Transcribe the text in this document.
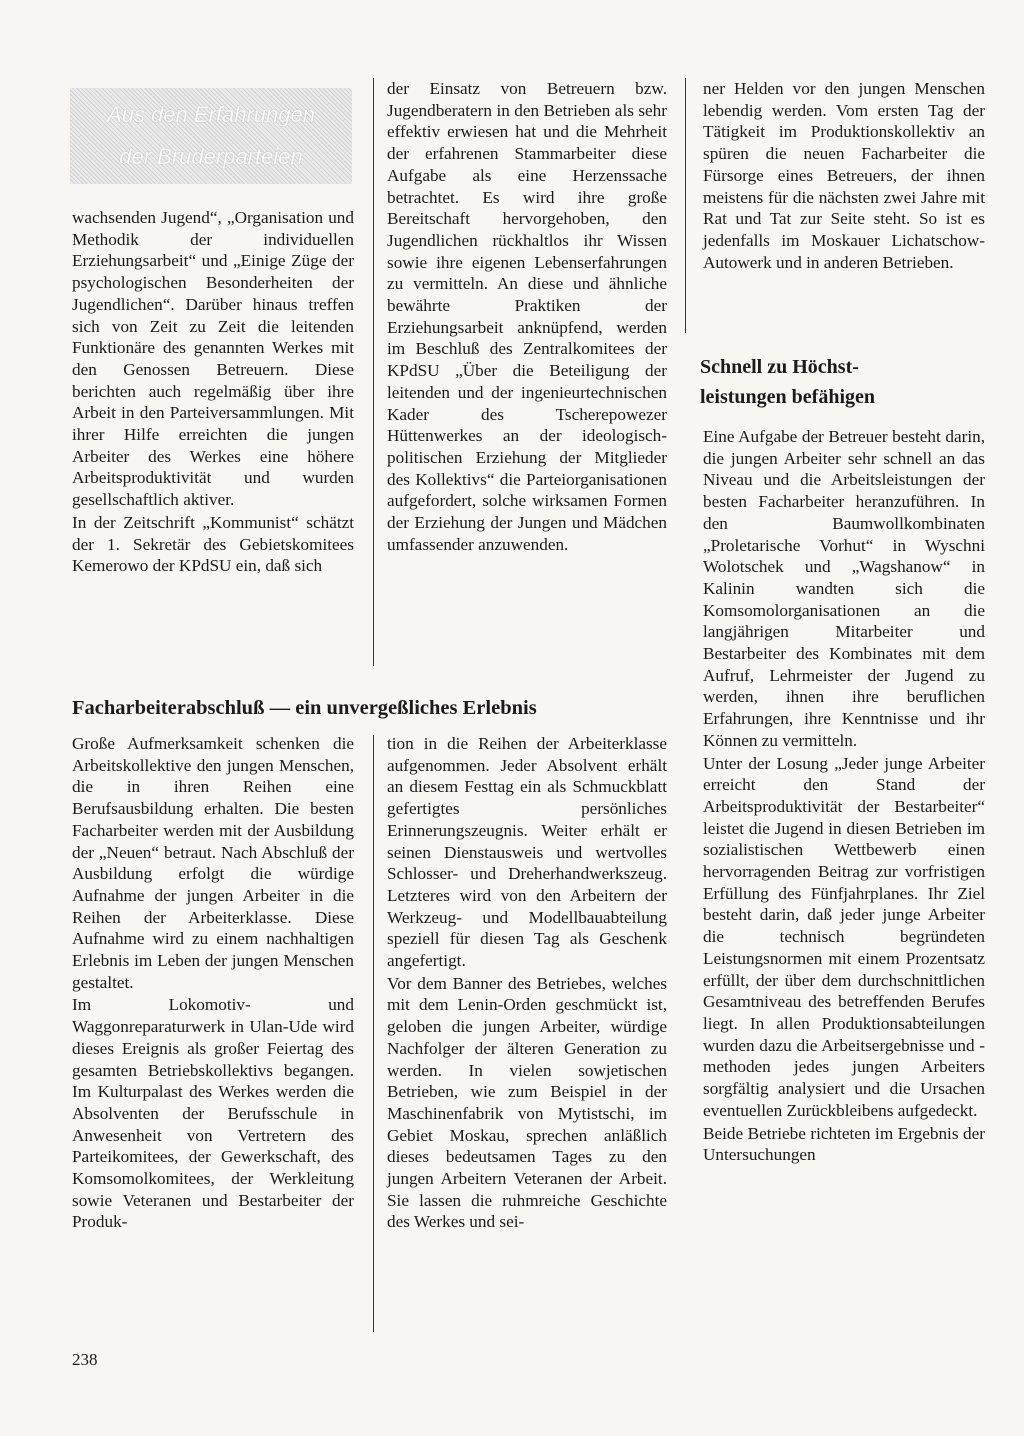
Aus den Erfahrungen
der Bruderparteien

wachsenden Jugend“, „Organisation und Methodik der individuellen Erziehungsarbeit“ und „Einige Züge der psychologischen Besonderheiten der Jugendlichen“. Darüber hinaus treffen sich von Zeit zu Zeit die leitenden Funktionäre des genannten Werkes mit den Genossen Betreuern. Diese berichten auch regelmäßig über ihre Arbeit in den Parteiversammlungen. Mit ihrer Hilfe erreichten die jungen Arbeiter des Werkes eine höhere Arbeitsproduktivität und wurden gesellschaftlich aktiver.

In der Zeitschrift „Kommunist“ schätzt der 1. Sekretär des Gebietskomitees Kemerowo der KPdSU ein, daß sich

der Einsatz von Betreuern bzw. Jugendberatern in den Betrieben als sehr effektiv erwiesen hat und die Mehrheit der erfahrenen Stammarbeiter diese Aufgabe als eine Herzenssache betrachtet. Es wird ihre große Bereitschaft hervorgehoben, den Jugendlichen rückhaltlos ihr Wissen sowie ihre eigenen Lebenserfahrungen zu vermitteln. An diese und ähnliche bewährte Praktiken der Erziehungsarbeit anknüpfend, werden im Beschluß des Zentralkomitees der KPdSU „Über die Beteiligung der leitenden und der ingenieurtechnischen Kader des Tscherepowezer Hüttenwerkes an der ideologisch-politischen Erziehung der Mitglieder des Kollektivs“ die Parteiorganisationen aufgefordert, solche wirksamen Formen der Erziehung der Jungen und Mädchen umfassender anzuwenden.

ner Helden vor den jungen Menschen lebendig werden. Vom ersten Tag der Tätigkeit im Produktionskollektiv an spüren die neuen Facharbeiter die Fürsorge eines Betreuers, der ihnen meistens für die nächsten zwei Jahre mit Rat und Tat zur Seite steht. So ist es jedenfalls im Moskauer Lichatschow-Autowerk und in anderen Betrieben.

Schnell zu Höchst-
leistungen befähigen

Eine Aufgabe der Betreuer besteht darin, die jungen Arbeiter sehr schnell an das Niveau und die Arbeitsleistungen der besten Facharbeiter heranzuführen. In den Baumwollkombinaten „Proletarische Vorhut“ in Wyschni Wolotschek und „Wagshanow“ in Kalinin wandten sich die Komsomolorganisationen an die langjährigen Mitarbeiter und Bestarbeiter des Kombinates mit dem Aufruf, Lehrmeister der Jugend zu werden, ihnen ihre beruflichen Erfahrungen, ihre Kenntnisse und ihr Können zu vermitteln.

Unter der Losung „Jeder junge Arbeiter erreicht den Stand der Arbeitsproduktivität der Bestarbeiter“ leistet die Jugend in diesen Betrieben im sozialistischen Wettbewerb einen hervorragenden Beitrag zur vorfristigen Erfüllung des Fünfjahrplanes. Ihr Ziel besteht darin, daß jeder junge Arbeiter die technisch begründeten Leistungsnormen mit einem Prozentsatz erfüllt, der über dem durchschnittlichen Gesamtniveau des betreffenden Berufes liegt. In allen Produktionsabteilungen wurden dazu die Arbeitsergebnisse und -methoden jedes jungen Arbeiters sorgfältig analysiert und die Ursachen eventuellen Zurückbleibens aufgedeckt.

Beide Betriebe richteten im Ergebnis der Untersuchungen

Facharbeiterabschluß — ein unvergeßliches Erlebnis

Große Aufmerksamkeit schenken die Arbeitskollektive den jungen Menschen, die in ihren Reihen eine Berufsausbildung erhalten. Die besten Facharbeiter werden mit der Ausbildung der „Neuen“ betraut. Nach Abschluß der Ausbildung erfolgt die würdige Aufnahme der jungen Arbeiter in die Reihen der Arbeiterklasse. Diese Aufnahme wird zu einem nachhaltigen Erlebnis im Leben der jungen Menschen gestaltet.

Im Lokomotiv- und Waggonreparaturwerk in Ulan-Ude wird dieses Ereignis als großer Feiertag des gesamten Betriebskollektivs begangen. Im Kulturpalast des Werkes werden die Absolventen der Berufsschule in Anwesenheit von Vertretern des Parteikomitees, der Gewerkschaft, des Komsomolkomitees, der Werkleitung sowie Veteranen und Bestarbeiter der Produk-

tion in die Reihen der Arbeiterklasse aufgenommen. Jeder Absolvent erhält an diesem Festtag ein als Schmuckblatt gefertigtes persönliches Erinnerungszeugnis. Weiter erhält er seinen Dienstausweis und wertvolles Schlosser- und Dreherhandwerkszeug. Letzteres wird von den Arbeitern der Werkzeug- und Modellbauabteilung speziell für diesen Tag als Geschenk angefertigt.

Vor dem Banner des Betriebes, welches mit dem Lenin-Orden geschmückt ist, geloben die jungen Arbeiter, würdige Nachfolger der älteren Generation zu werden. In vielen sowjetischen Betrieben, wie zum Beispiel in der Maschinenfabrik von Mytistschi, im Gebiet Moskau, sprechen anläßlich dieses bedeutsamen Tages zu den jungen Arbeitern Veteranen der Arbeit. Sie lassen die ruhmreiche Geschichte des Werkes und sei-

238
